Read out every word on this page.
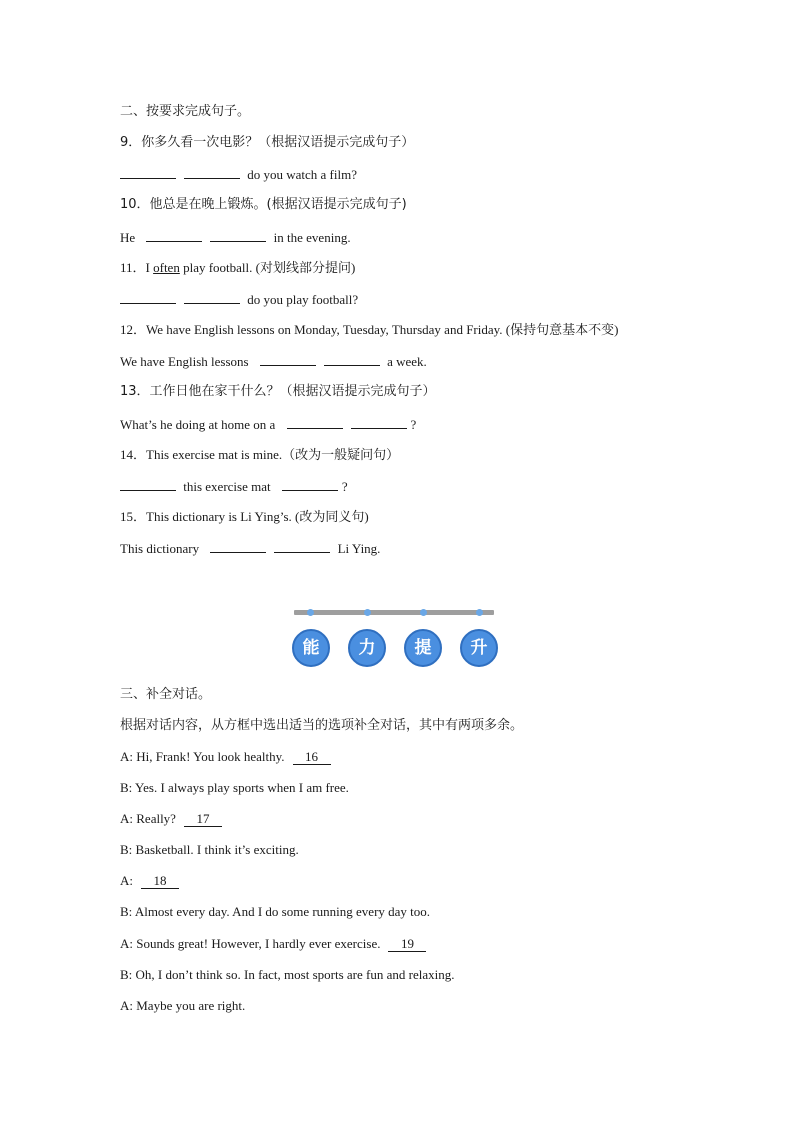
二、按要求完成句子。
9．你多久看一次电影？（根据汉语提示完成句子）
do you watch a film?
10．他总是在晚上锻炼。(根据汉语提示完成句子)
He	in the evening.
11．I often play football. (对划线部分提问)
do you play football?
12．We have English lessons on Monday, Tuesday, Thursday and Friday. (保持句意基本不变)
We have English lessons	a week.
13．工作日他在家干什么？（根据汉语提示完成句子）
What’s he doing at home on a	?
14．This exercise mat is mine.（改为一般疑问句）
this exercise mat	?
15．This dictionary is Li Ying’s. (改为同义句)
This dictionary	Li Ying.
能	力	提	升
三、补全对话。
根据对话内容，从方框中选出适当的选项补全对话，其中有两项多余。
A: Hi, Frank! You look healthy. 16
B: Yes. I always play sports when I am free.
A: Really? 17
B: Basketball. I think it’s exciting.
A: 18
B: Almost every day. And I do some running every day too.
A: Sounds great! However, I hardly ever exercise. 19
B: Oh, I don’t think so. In fact, most sports are fun and relaxing.
A: Maybe you are right.
